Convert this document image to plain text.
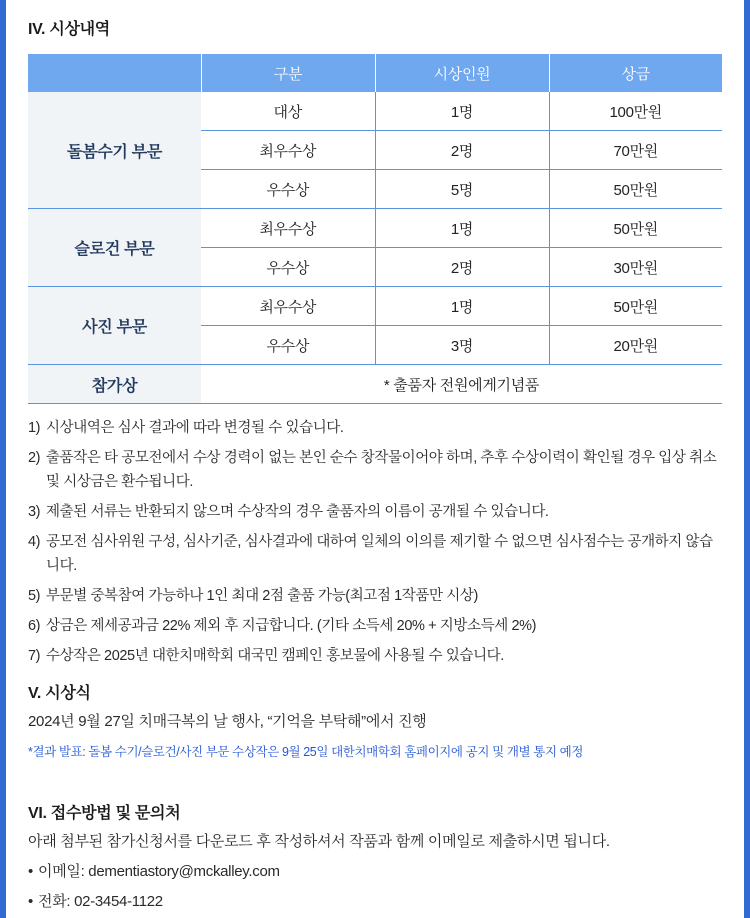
IV. 시상내역
	구분	시상인원	상금
돌봄수기 부문	대상	1명	100만원
	최우수상	2명	70만원
	우수상	5명	50만원
슬로건 부문	최우수상	1명	50만원
	우수상	2명	30만원
사진 부문	최우수상	1명	50만원
	우수상	3명	20만원
참가상	* 출품자 전원에게기념품		
1) 시상내역은 심사 결과에 따라 변경될 수 있습니다.
2) 출품작은 타 공모전에서 수상 경력이 없는 본인 순수 창작물이어야 하며, 추후 수상이력이 확인될 경우 입상 취소 및 시상금은 환수됩니다.
3) 제출된 서류는 반환되지 않으며 수상작의 경우 출품자의 이름이 공개될 수 있습니다.
4) 공모전 심사위원 구성, 심사기준, 심사결과에 대하여 일체의 이의를 제기할 수 없으면 심사점수는 공개하지 않습니다.
5) 부문별 중복참여 가능하나 1인 최대 2점 출품 가능(최고점 1작품만 시상)
6) 상금은 제세공과금 22% 제외 후 지급합니다. (기타 소득세 20% + 지방소득세 2%)
7) 수상작은 2025년 대한치매학회 대국민 캠페인 홍보물에 사용될 수 있습니다.
V. 시상식
2024년 9월 27일 치매극복의 날 행사, “기억을 부탁해”에서 진행
*결과 발표: 돌봄 수기/슬로건/사진 부문 수상작은 9월 25일 대한치매학회 홈페이지에 공지 및 개별 통지 예정
VI. 접수방법 및 문의처
아래 첨부된 참가신청서를 다운로드 후 작성하셔서 작품과 함께 이메일로 제출하시면 됩니다.
• 이메일: dementiastory@mckalley.com
• 전화: 02-3454-1122
